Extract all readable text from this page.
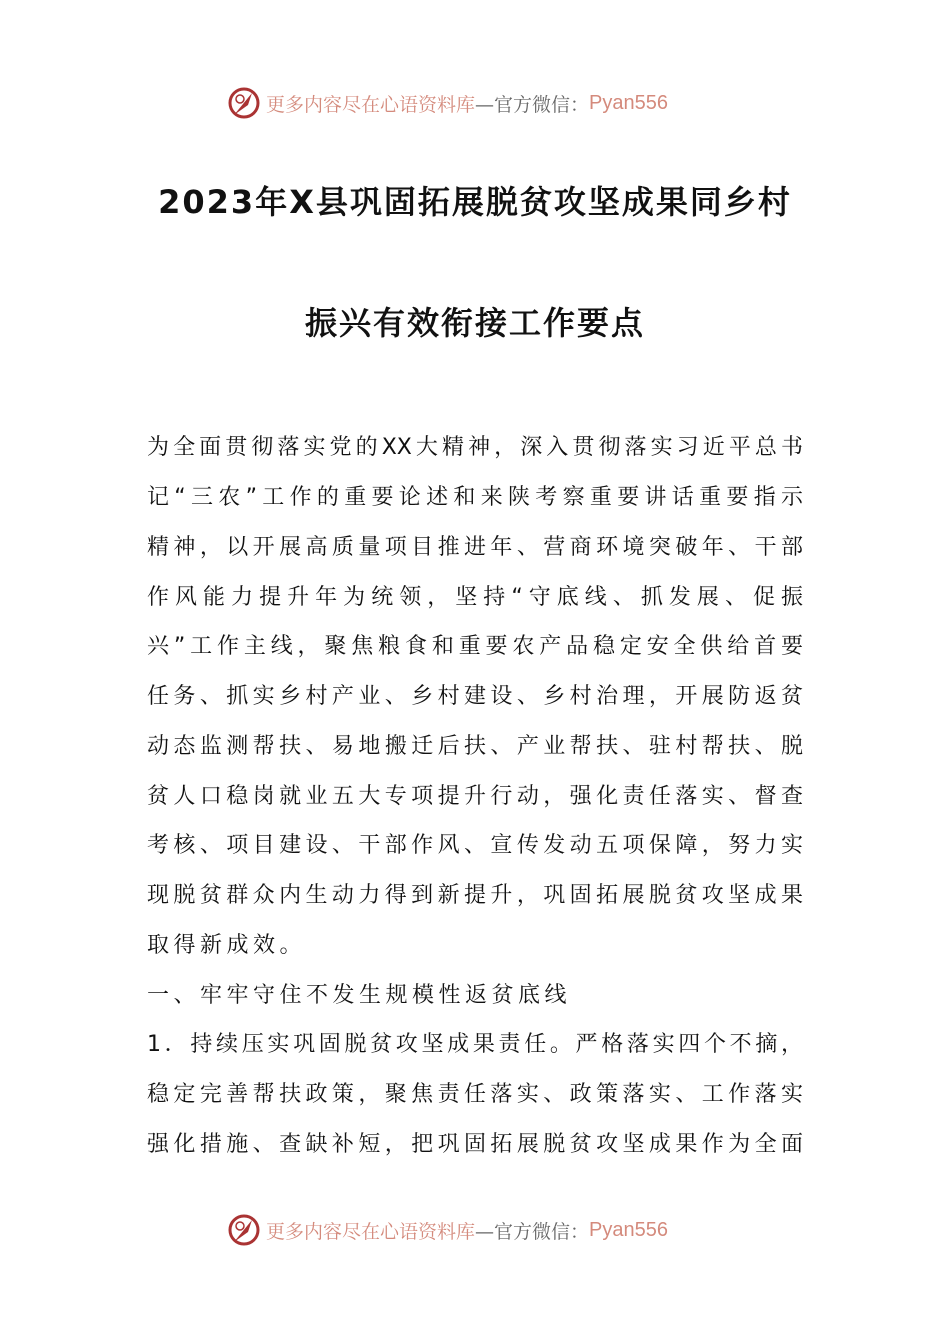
更多内容尽在心语资料库 —官方微信： Pyan556
2023年X县巩固拓展脱贫攻坚成果同乡村
振兴有效衔接工作要点
为全面贯彻落实党的XX大精神，深入贯彻落实习近平总书
记“三农”工作的重要论述和来陕考察重要讲话重要指示
精神，以开展高质量项目推进年、营商环境突破年、干部
作风能力提升年为统领，坚持“守底线、抓发展、促振
兴”工作主线，聚焦粮食和重要农产品稳定安全供给首要
任务、抓实乡村产业、乡村建设、乡村治理，开展防返贫
动态监测帮扶、易地搬迁后扶、产业帮扶、驻村帮扶、脱
贫人口稳岗就业五大专项提升行动，强化责任落实、督查
考核、项目建设、干部作风、宣传发动五项保障，努力实
现脱贫群众内生动力得到新提升，巩固拓展脱贫攻坚成果
取得新成效。
一、牢牢守住不发生规模性返贫底线
1．持续压实巩固脱贫攻坚成果责任。严格落实四个不摘，
稳定完善帮扶政策，聚焦责任落实、政策落实、工作落实
强化措施、查缺补短，把巩固拓展脱贫攻坚成果作为全面
更多内容尽在心语资料库 —官方微信： Pyan556
